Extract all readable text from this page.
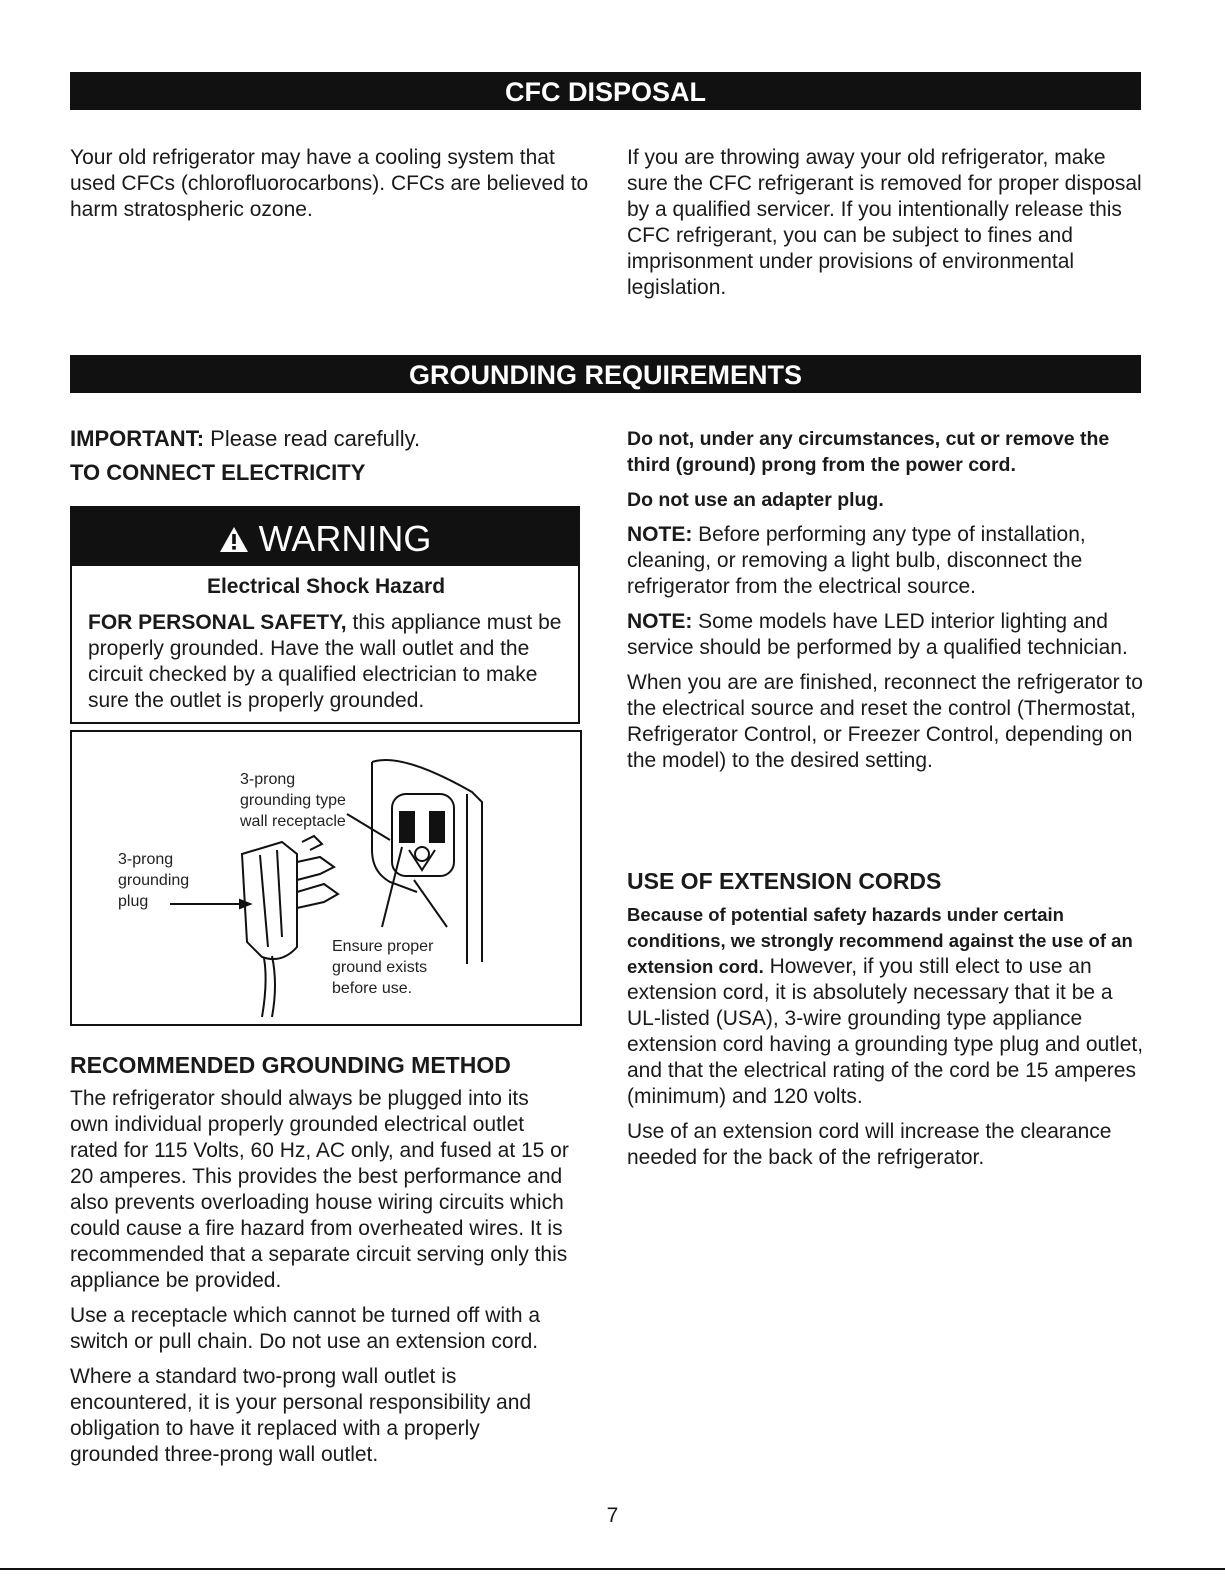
CFC DISPOSAL

Your old refrigerator may have a cooling system that used CFCs (chlorofluorocarbons). CFCs are believed to harm stratospheric ozone.

If you are throwing away your old refrigerator, make sure the CFC refrigerant is removed for proper disposal by a qualified servicer. If you intentionally release this CFC refrigerant, you can be subject to fines and imprisonment under provisions of environmental legislation.

GROUNDING REQUIREMENTS

IMPORTANT: Please read carefully.

TO CONNECT ELECTRICITY

WARNING
Electrical Shock Hazard
FOR PERSONAL SAFETY, this appliance must be properly grounded. Have the wall outlet and the circuit checked by a qualified electrician to make sure the outlet is properly grounded.
3-prong
grounding type
wall receptacle
3-prong
grounding
plug
Ensure proper
ground exists
before use.

RECOMMENDED GROUNDING METHOD

The refrigerator should always be plugged into its own individual properly grounded electrical outlet rated for 115 Volts, 60 Hz, AC only, and fused at 15 or 20 amperes. This provides the best performance and also prevents overloading house wiring circuits which could cause a fire hazard from overheated wires. It is recommended that a separate circuit serving only this appliance be provided.

Use a receptacle which cannot be turned off with a switch or pull chain. Do not use an extension cord.

Where a standard two-prong wall outlet is encountered, it is your personal responsibility and obligation to have it replaced with a properly grounded three-prong wall outlet.

Do not, under any circumstances, cut or remove the third (ground) prong from the power cord.

Do not use an adapter plug.

NOTE: Before performing any type of installation, cleaning, or removing a light bulb, disconnect the refrigerator from the electrical source.

NOTE: Some models have LED interior lighting and service should be performed by a qualified technician.

When you are are finished, reconnect the refrigerator to the electrical source and reset the control (Thermostat, Refrigerator Control, or Freezer Control, depending on the model) to the desired setting.

USE OF EXTENSION CORDS

Because of potential safety hazards under certain conditions, we strongly recommend against the use of an extension cord. However, if you still elect to use an extension cord, it is absolutely necessary that it be a UL-listed (USA), 3-wire grounding type appliance extension cord having a grounding type plug and outlet, and that the electrical rating of the cord be 15 amperes (minimum) and 120 volts.

Use of an extension cord will increase the clearance needed for the back of the refrigerator.

7
